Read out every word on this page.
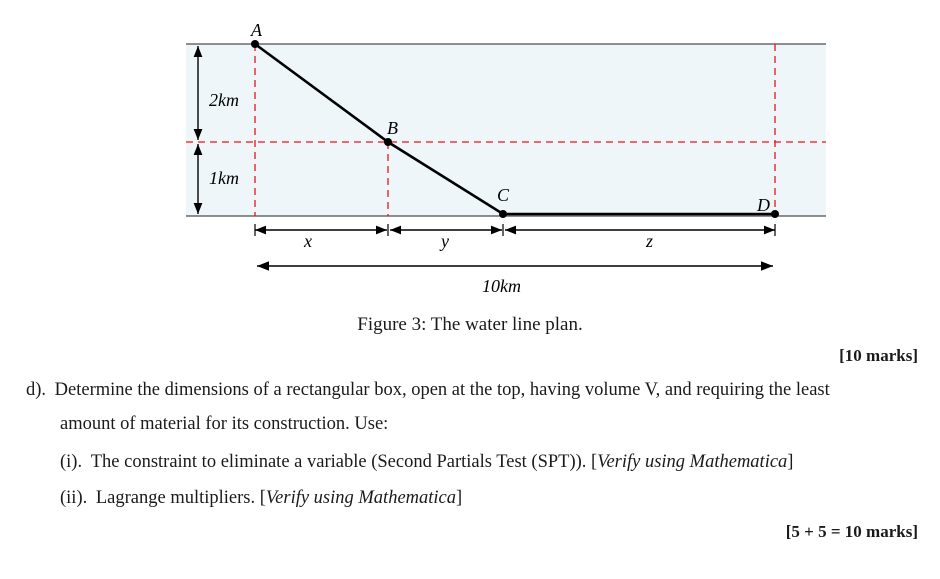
A
B
C	D
2km
1km
x	y	z
10km
Figure 3: The water line plan.
[10 marks]
d). Determine the dimensions of a rectangular box, open at the top, having volume V, and requiring the least
amount of material for its construction. Use:
(i). The constraint to eliminate a variable (Second Partials Test (SPT)). [Verify using Mathematica]
(ii). Lagrange multipliers. [Verify using Mathematica]
[5 + 5 = 10 marks]
